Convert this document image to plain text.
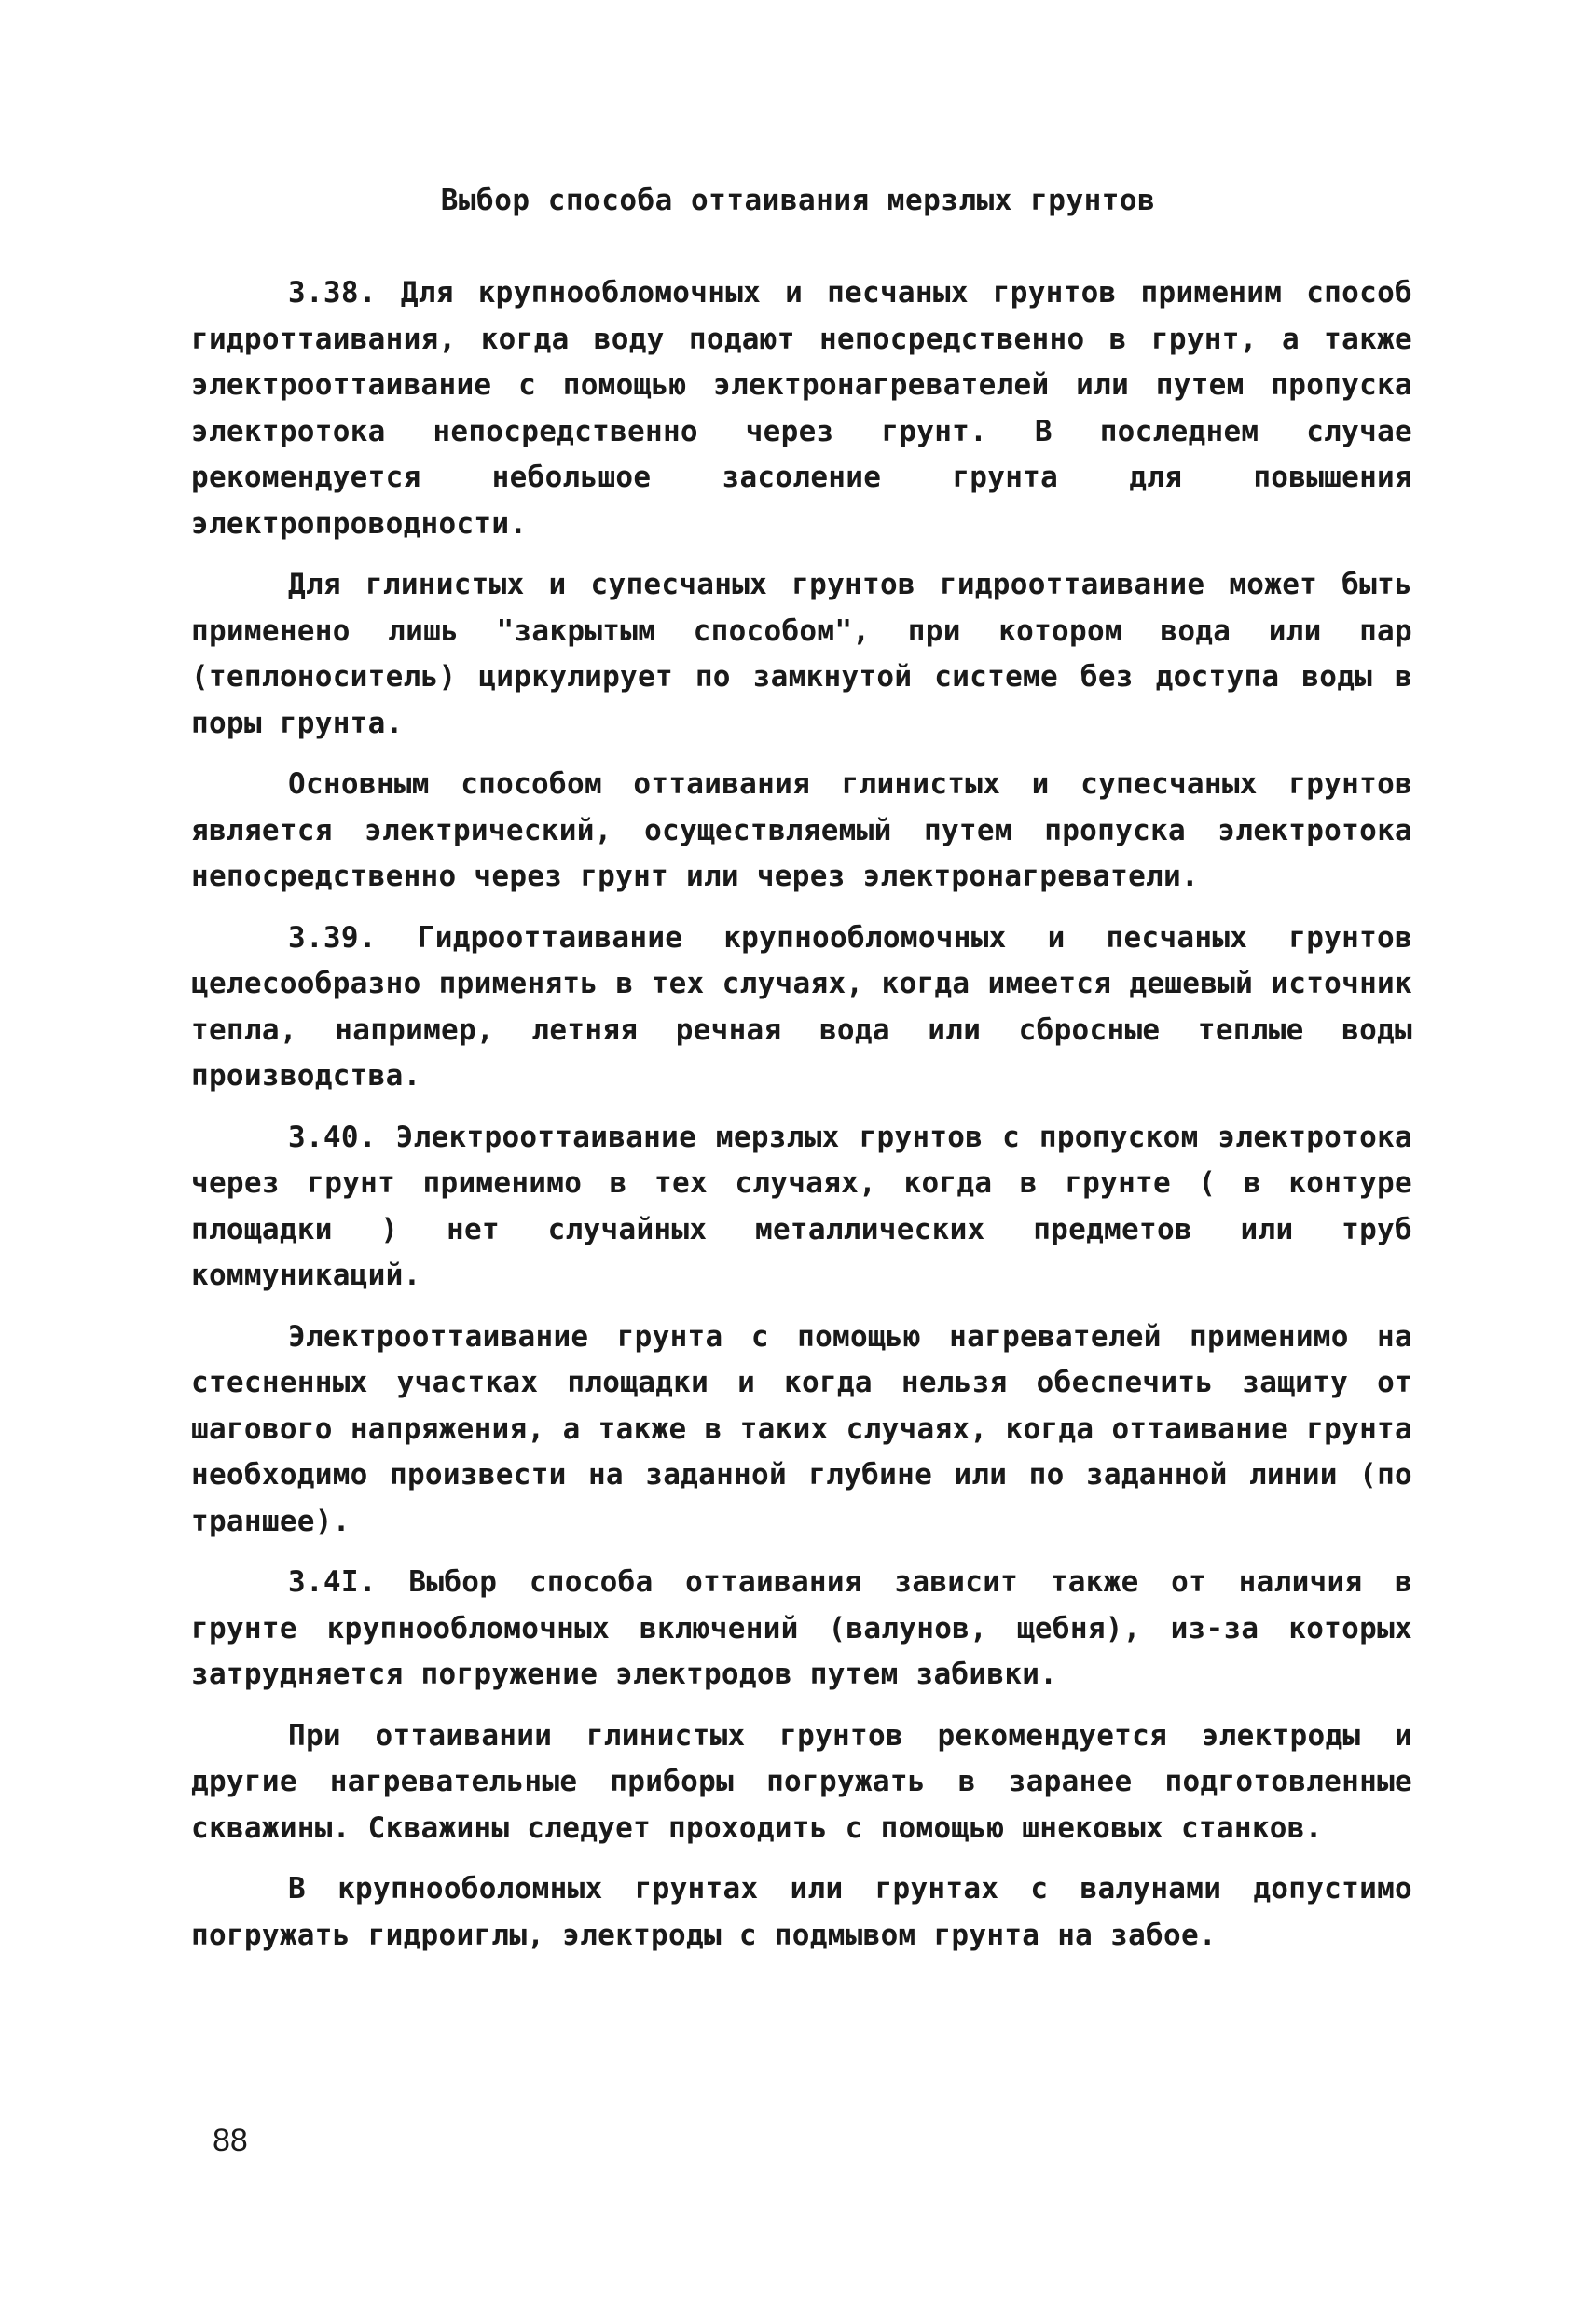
Выбор способа оттаивания мерзлых грунтов

3.38. Для крупнообломочных и песчаных грунтов применим способ гидроттаивания, когда воду подают непосредственно в грунт, а также электрооттаивание с помощью электронагревателей или путем пропуска электротока непосредственно через грунт. В последнем случае рекомендуется небольшое засоление грунта для повышения электропроводности.

Для глинистых и супесчаных грунтов гидрооттаивание может быть применено лишь "закрытым способом", при котором вода или пар (теплоноситель) циркулирует по замкнутой системе без доступа воды в поры грунта.

Основным способом оттаивания глинистых и супесчаных грунтов является электрический, осуществляемый путем пропуска электротока непосредственно через грунт или через электронагреватели.

3.39. Гидрооттаивание крупнообломочных и песчаных грунтов целесообразно применять в тех случаях, когда имеется дешевый источник тепла, например, летняя речная вода или сбросные теплые воды производства.

3.40. Электрооттаивание мерзлых грунтов с пропуском электротока через грунт применимо в тех случаях, когда в грунте ( в контуре площадки ) нет случайных металлических предметов или труб коммуникаций.

Электрооттаивание грунта с помощью нагревателей применимо на стесненных участках площадки и когда нельзя обеспечить защиту от шагового напряжения, а также в таких случаях, когда оттаивание грунта необходимо произвести на заданной глубине или по заданной линии (по траншее).

3.4I. Выбор способа оттаивания зависит также от наличия в грунте крупнообломочных включений (валунов, щебня), из-за которых затрудняется погружение электродов путем забивки.

При оттаивании глинистых грунтов рекомендуется электроды и другие нагревательные приборы погружать в заранее подготовленные скважины. Скважины следует проходить с помощью шнековых станков.

В крупнооболомных грунтах или грунтах с валунами допустимо погружать гидроиглы, электроды с подмывом грунта на забое.

88
